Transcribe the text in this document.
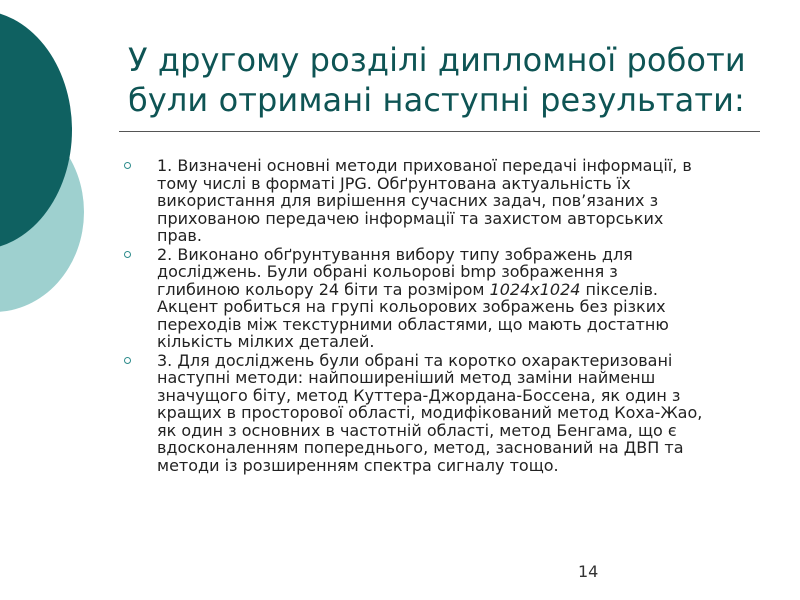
У другому розділі дипломної роботи
були отримані наступні результати:
1. Визначені основні методи прихованої передачі інформації, в
тому числі в форматі JPG. Обґрунтована актуальність їх
використання для вирішення сучасних задач, пов’язаних з
прихованою передачею інформації та захистом авторських
прав.
2. Виконано обґрунтування вибору типу зображень для
досліджень. Були обрані кольорові bmp зображення з
глибиною кольору 24 біти та розміром 1024x1024 пікселів.
Акцент робиться на групі кольорових зображень без різких
переходів між текстурними областями, що мають достатню
кількість мілких деталей.
3. Для досліджень були обрані та коротко охарактеризовані
наступні методи: найпоширеніший метод заміни найменш
значущого біту, метод Куттера-Джордана-Боссена, як один з
кращих в просторової області, модифікований метод Коха-Жао,
як один з основних в частотній області, метод Бенгама, що є
вдосконаленням попереднього, метод, заснований на ДВП та
методи із розширенням спектра сигналу тощо.
14
